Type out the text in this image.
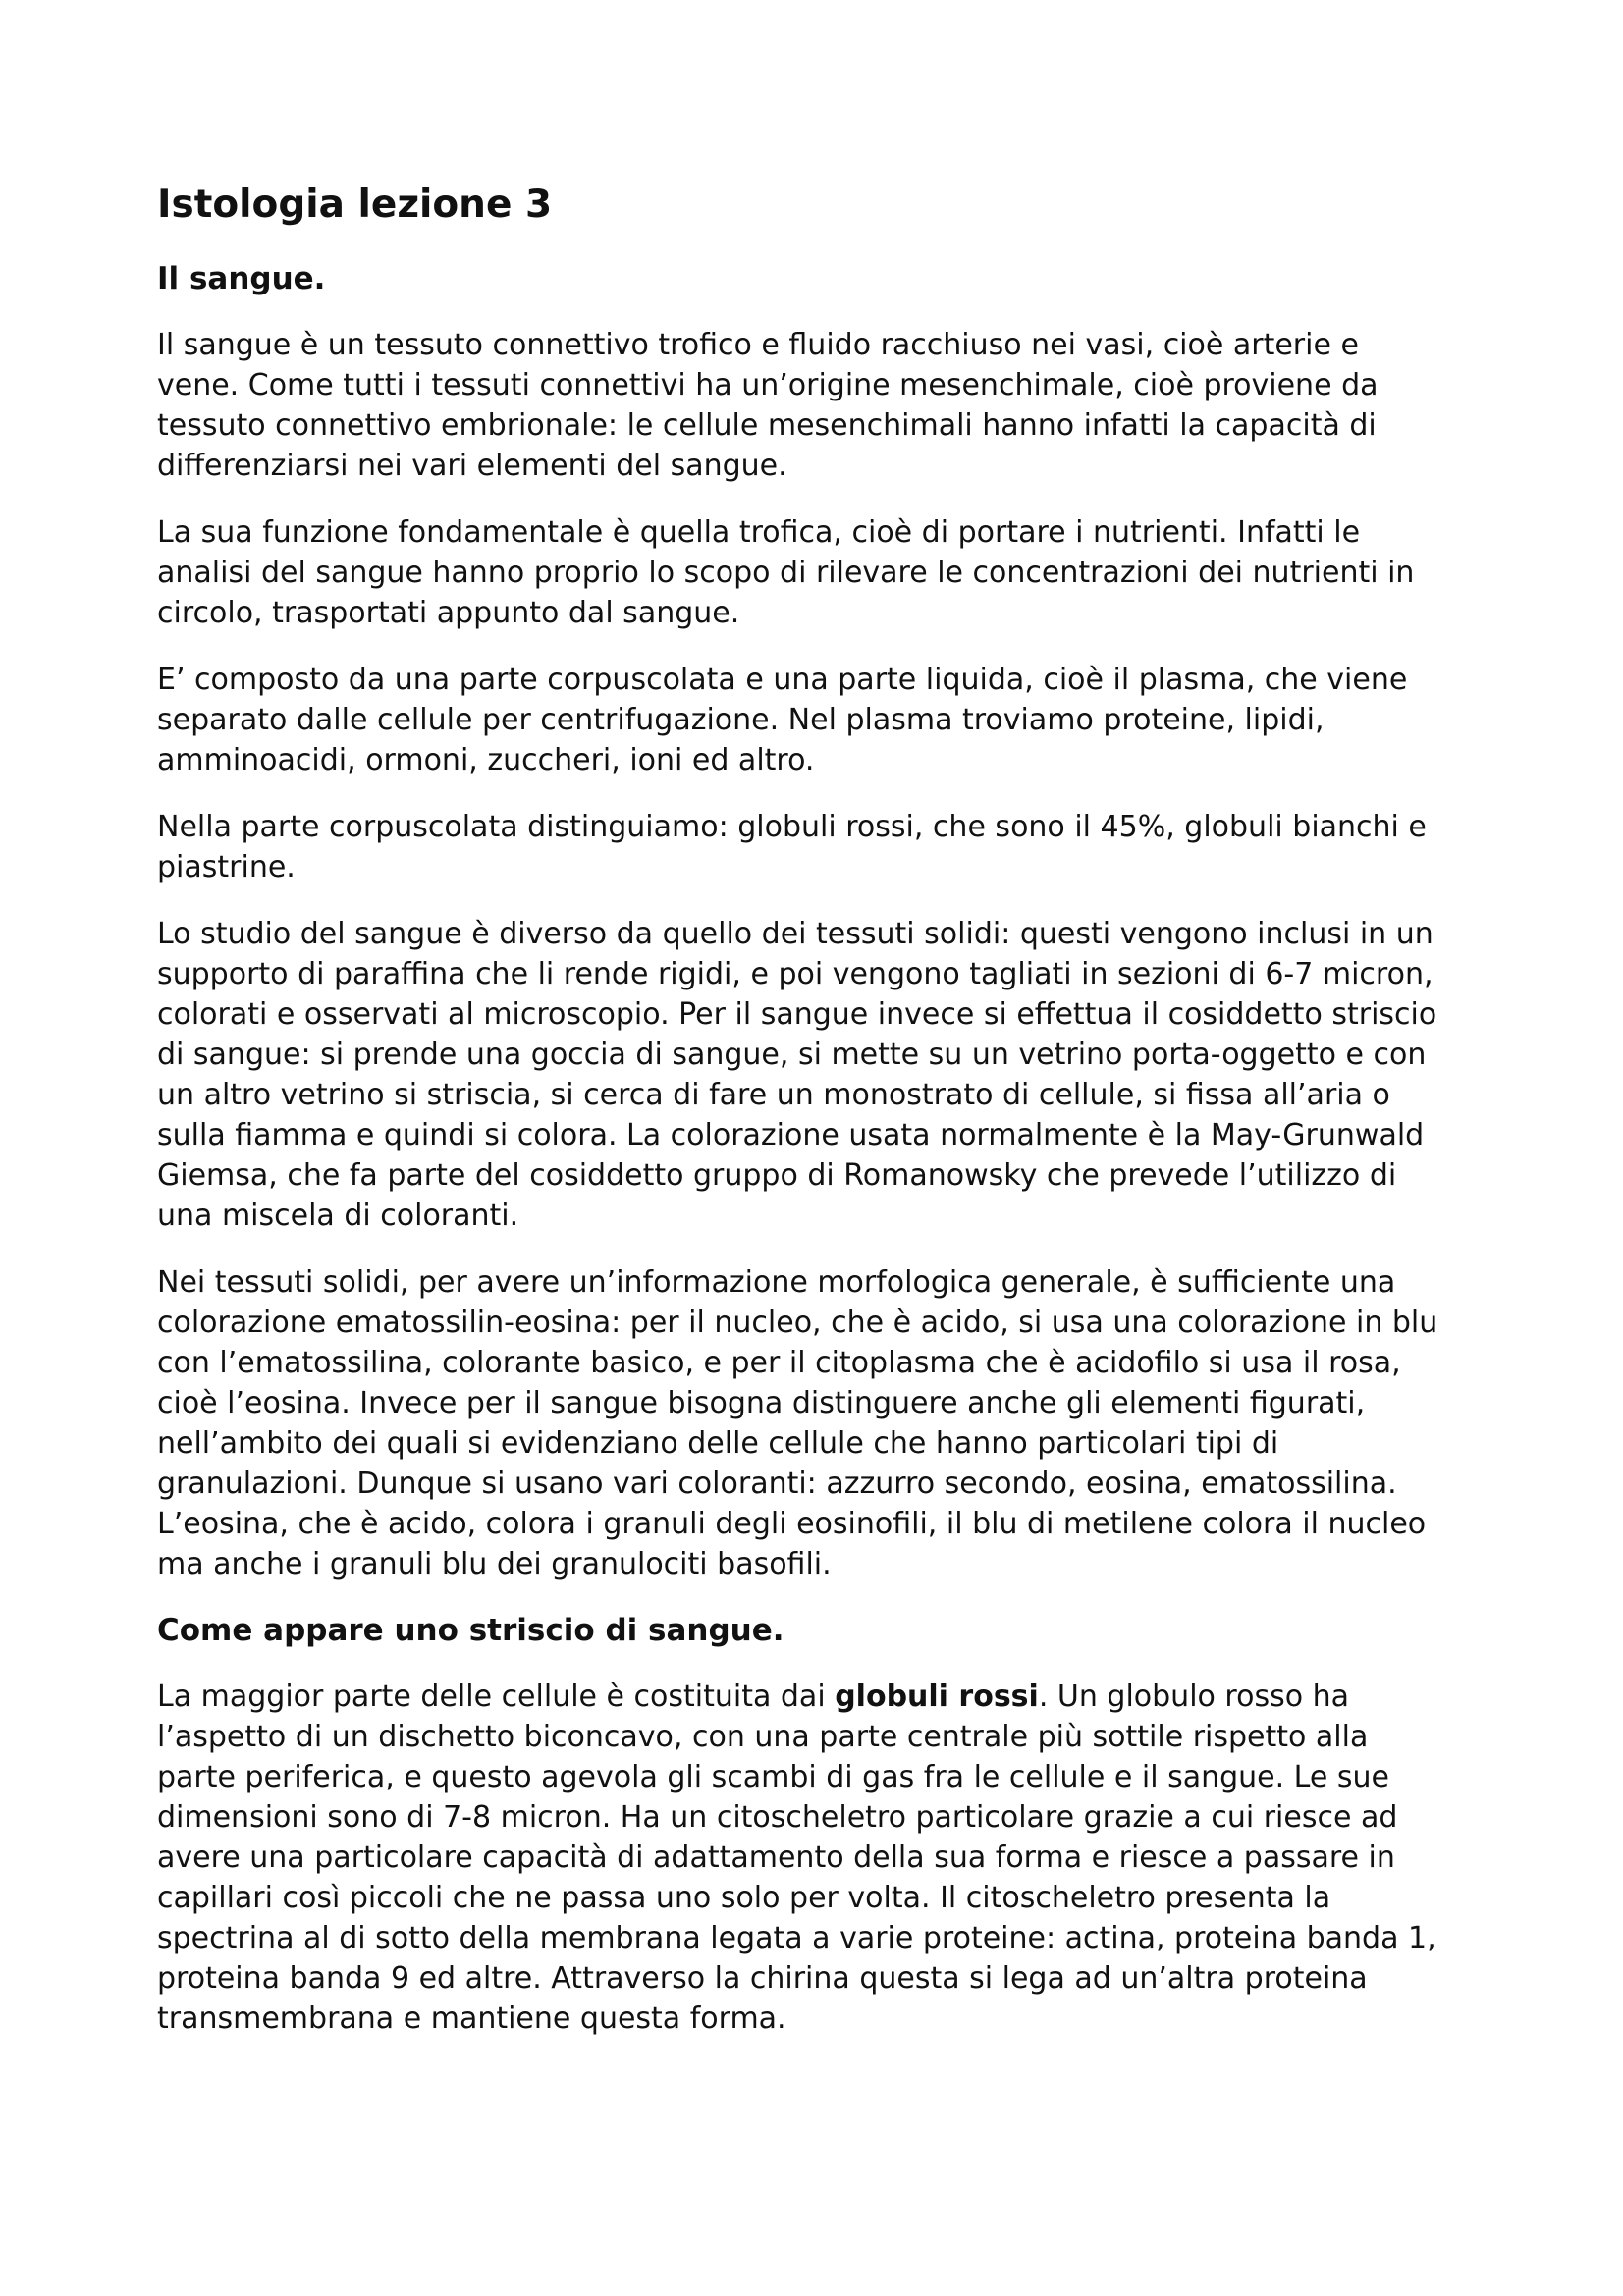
Istologia lezione 3
Il sangue.

Il sangue è un tessuto connettivo trofico e fluido racchiuso nei vasi, cioè arterie e
vene. Come tutti i tessuti connettivi ha un’origine mesenchimale, cioè proviene da
tessuto connettivo embrionale: le cellule mesenchimali hanno infatti la capacità di
differenziarsi nei vari elementi del sangue.

La sua funzione fondamentale è quella trofica, cioè di portare i nutrienti. Infatti le
analisi del sangue hanno proprio lo scopo di rilevare le concentrazioni dei nutrienti in
circolo, trasportati appunto dal sangue.

E’ composto da una parte corpuscolata e una parte liquida, cioè il plasma, che viene
separato dalle cellule per centrifugazione. Nel plasma troviamo proteine, lipidi,
amminoacidi, ormoni, zuccheri, ioni ed altro.

Nella parte corpuscolata distinguiamo: globuli rossi, che sono il 45%, globuli bianchi e
piastrine.

Lo studio del sangue è diverso da quello dei tessuti solidi: questi vengono inclusi in un
supporto di paraffina che li rende rigidi, e poi vengono tagliati in sezioni di 6-7 micron,
colorati e osservati al microscopio. Per il sangue invece si effettua il cosiddetto striscio
di sangue: si prende una goccia di sangue, si mette su un vetrino porta-oggetto e con
un altro vetrino si striscia, si cerca di fare un monostrato di cellule, si fissa all’aria o
sulla fiamma e quindi si colora. La colorazione usata normalmente è la May-Grunwald
Giemsa, che fa parte del cosiddetto gruppo di Romanowsky che prevede l’utilizzo di
una miscela di coloranti.

Nei tessuti solidi, per avere un’informazione morfologica generale, è sufficiente una
colorazione ematossilin-eosina: per il nucleo, che è acido, si usa una colorazione in blu
con l’ematossilina, colorante basico, e per il citoplasma che è acidofilo si usa il rosa,
cioè l’eosina. Invece per il sangue bisogna distinguere anche gli elementi figurati,
nell’ambito dei quali si evidenziano delle cellule che hanno particolari tipi di
granulazioni. Dunque si usano vari coloranti: azzurro secondo, eosina, ematossilina.
L’eosina, che è acido, colora i granuli degli eosinofili, il blu di metilene colora il nucleo
ma anche i granuli blu dei granulociti basofili.

Come appare uno striscio di sangue.

La maggior parte delle cellule è costituita dai globuli rossi. Un globulo rosso ha
l’aspetto di un dischetto biconcavo, con una parte centrale più sottile rispetto alla
parte periferica, e questo agevola gli scambi di gas fra le cellule e il sangue. Le sue
dimensioni sono di 7-8 micron. Ha un citoscheletro particolare grazie a cui riesce ad
avere una particolare capacità di adattamento della sua forma e riesce a passare in
capillari così piccoli che ne passa uno solo per volta. Il citoscheletro presenta la
spectrina al di sotto della membrana legata a varie proteine: actina, proteina banda 1,
proteina banda 9 ed altre. Attraverso la chirina questa si lega ad un’altra proteina
transmembrana e mantiene questa forma.
